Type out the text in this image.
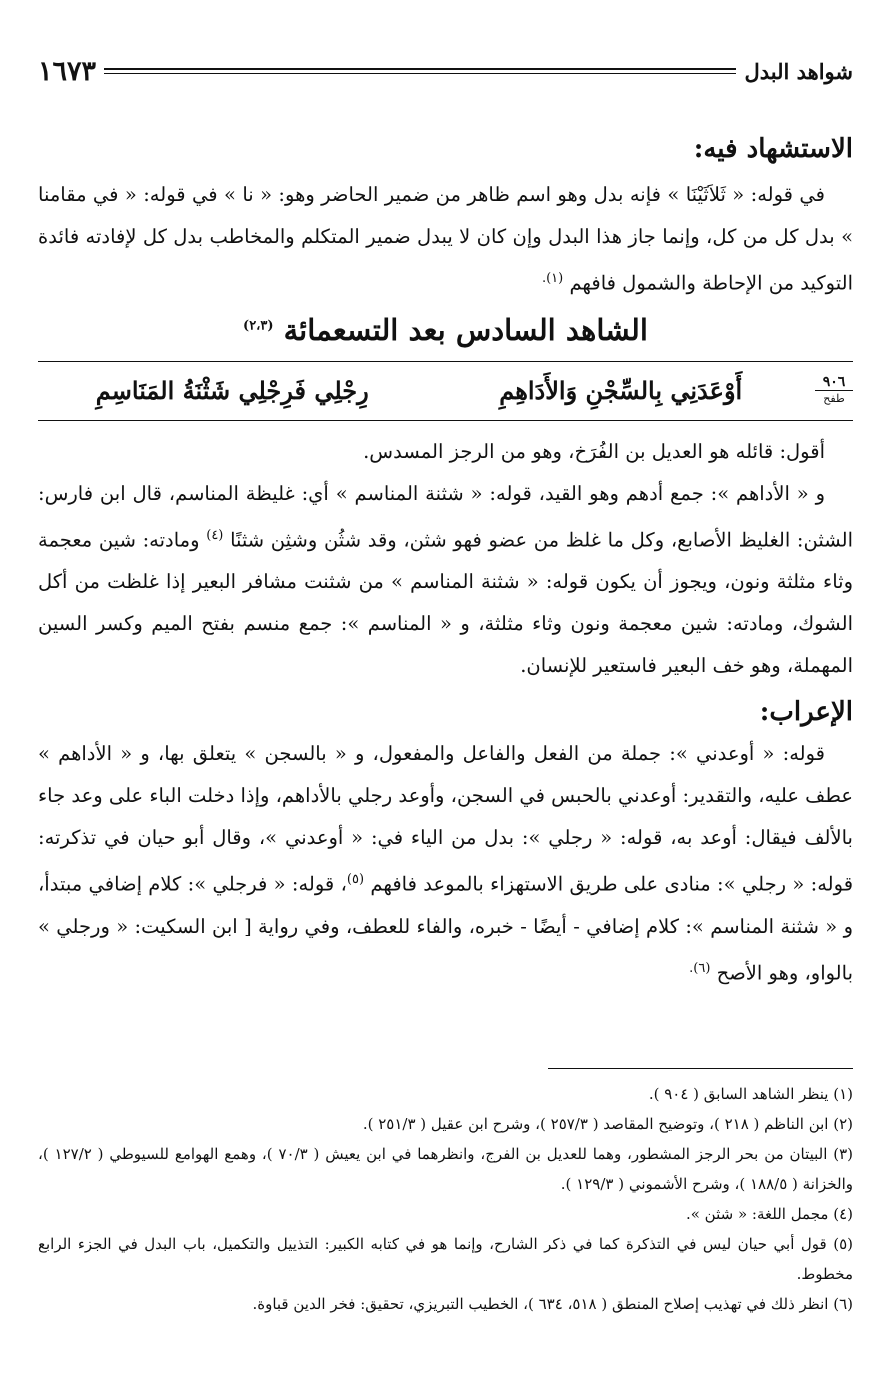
شواهد البدل
١٦٧٣
الاستشهاد فيه:

في قوله: « ثَلاَثَيْنَا » فإنه بدل وهو اسم ظاهر من ضمير الحاضر وهو: « نا » في قوله: « في مقامنا » بدل كل من كل، وإنما جاز هذا البدل وإن كان لا يبدل ضمير المتكلم والمخاطب بدل كل لإفادته فائدة التوكيد من الإحاطة والشمول فافهم $^{(١).}$

الشاهد السادس بعد التسعمائة $^{(٢،٣)}$
٩٠٦
طفح
أَوْعَدَنِي بِالسِّجْنِ وَالأَدَاهِمِ
رِجْلِي فَرِجْلِي شَثْنَةُ المَنَاسِمِ

أقول: قائله هو العديل بن الفُرَخ، وهو من الرجز المسدس.

و « الأداهم »: جمع أدهم وهو القيد، قوله: « شثنة المناسم » أي: غليظة المناسم، قال ابن فارس: الشثن: الغليظ الأصابع، وكل ما غلظ من عضو فهو شثن، وقد شثُن وشثِن شثنًا $^{(٤)}$ ومادته: شين معجمة وثاء مثلثة ونون، ويجوز أن يكون قوله: « شثنة المناسم » من شثنت مشافر البعير إذا غلظت من أكل الشوك، ومادته: شين معجمة ونون وثاء مثلثة، و « المناسم »: جمع منسم بفتح الميم وكسر السين المهملة، وهو خف البعير فاستعير للإنسان.

الإعراب:

قوله: « أوعدني »: جملة من الفعل والفاعل والمفعول، و « بالسجن » يتعلق بها، و « الأداهم » عطف عليه، والتقدير: أوعدني بالحبس في السجن، وأوعد رجلي بالأداهم، وإذا دخلت الباء على وعد جاء بالألف فيقال: أوعد به، قوله: « رجلي »: بدل من الياء في: « أوعدني »، وقال أبو حيان في تذكرته: قوله: « رجلي »: منادى على طريق الاستهزاء بالموعد فافهم $^{(٥)}$، قوله: « فرجلي »: كلام إضافي مبتدأ، و « شثنة المناسم »: كلام إضافي - أيضًا - خبره، والفاء للعطف، وفي رواية [ ابن السكيت: « ورجلي » بالواو، وهو الأصح $^{(٦).}$

(١) ينظر الشاهد السابق ( ٩٠٤ ).

(٢) ابن الناظم ( ٢١٨ )، وتوضيح المقاصد ( ٢٥٧/٣ )، وشرح ابن عقيل ( ٢٥١/٣ ).

(٣) البيتان من بحر الرجز المشطور، وهما للعديل بن الفرج، وانظرهما في ابن يعيش ( ٧٠/٣ )، وهمع الهوامع للسيوطي ( ١٢٧/٢ )، والخزانة ( ١٨٨/٥ )، وشرح الأشموني ( ١٢٩/٣ ).

(٤) مجمل اللغة: « شثن ».

(٥) قول أبي حيان ليس في التذكرة كما في ذكر الشارح، وإنما هو في كتابه الكبير: التذييل والتكميل، باب البدل في الجزء الرابع مخطوط.

(٦) انظر ذلك في تهذيب إصلاح المنطق ( ٥١٨، ٦٣٤ )، الخطيب التبريزي، تحقيق: فخر الدين قباوة.
